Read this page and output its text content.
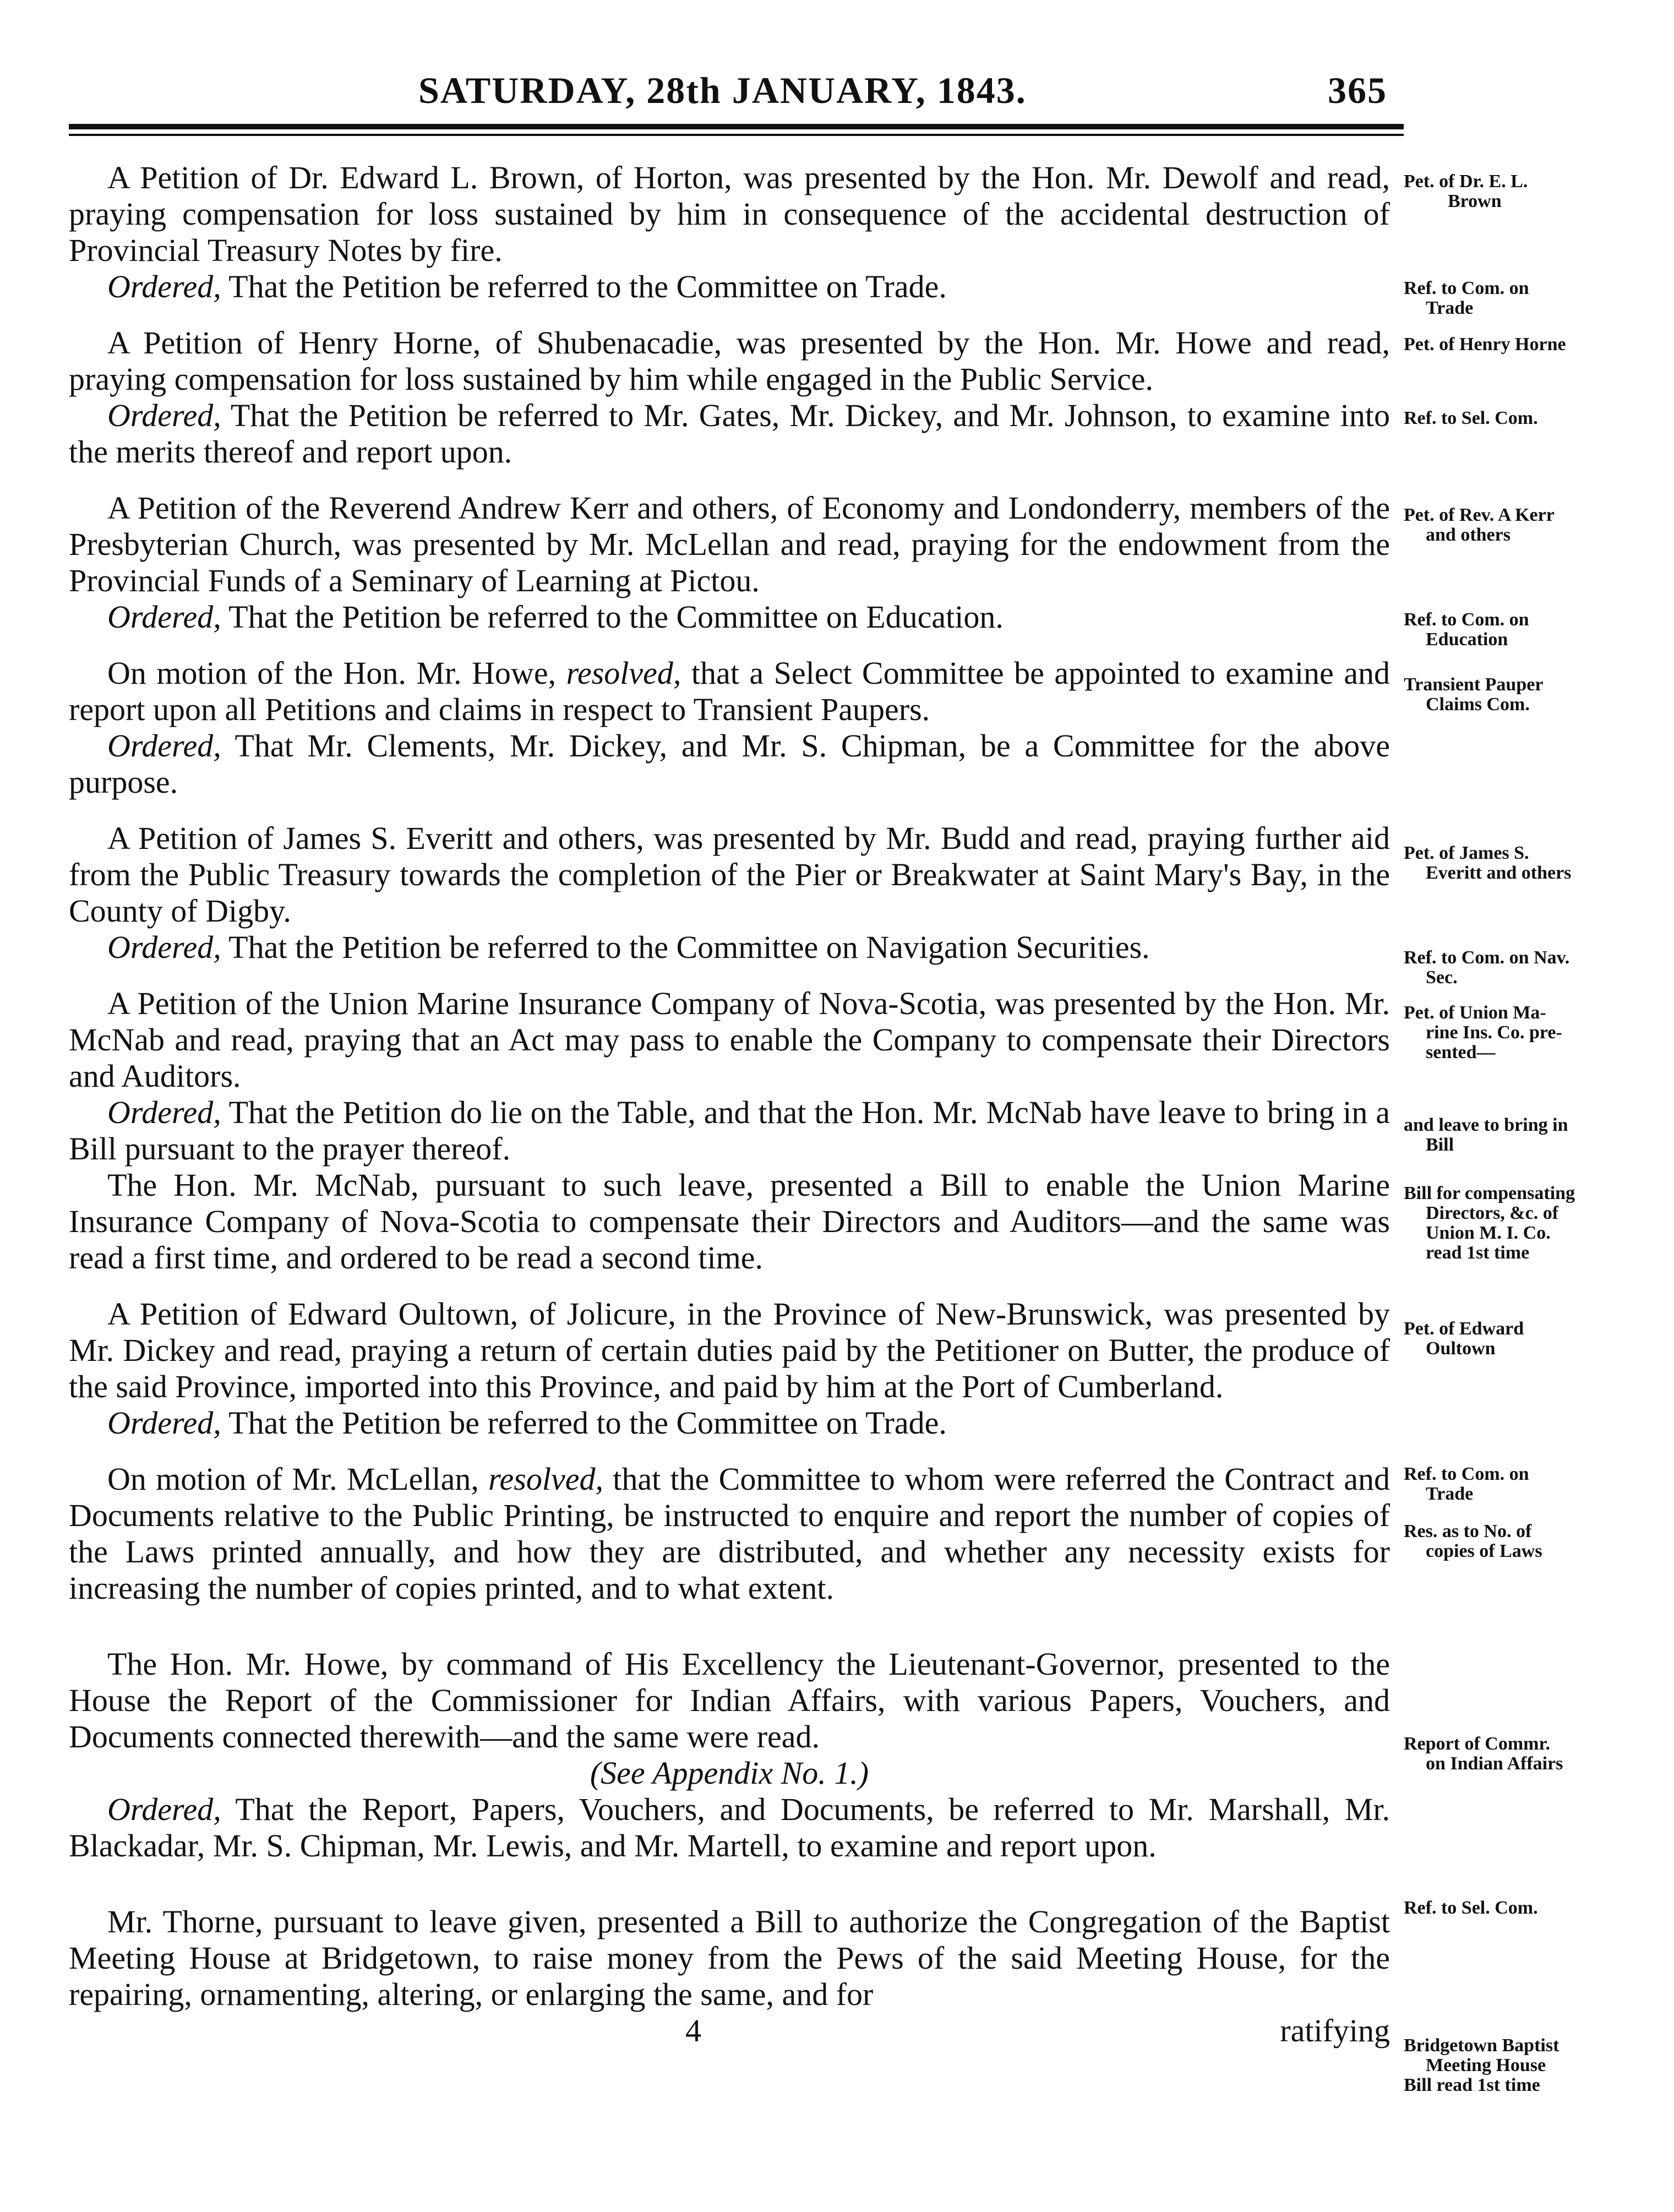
SATURDAY, 28th JANUARY, 1843.	365

A Petition of Dr. Edward L. Brown, of Horton, was presented by the Hon. Mr. Dewolf and read, praying compensation for loss sustained by him in consequence of the accidental destruction of Provincial Treasury Notes by fire.

Ordered, That the Petition be referred to the Committee on Trade.

A Petition of Henry Horne, of Shubenacadie, was presented by the Hon. Mr. Howe and read, praying compensation for loss sustained by him while engaged in the Public Service.

Ordered, That the Petition be referred to Mr. Gates, Mr. Dickey, and Mr. Johnson, to examine into the merits thereof and report upon.

A Petition of the Reverend Andrew Kerr and others, of Economy and Londonderry, members of the Presbyterian Church, was presented by Mr. McLellan and read, praying for the endowment from the Provincial Funds of a Seminary of Learning at Pictou.

Ordered, That the Petition be referred to the Committee on Education.

On motion of the Hon. Mr. Howe, resolved, that a Select Committee be appointed to examine and report upon all Petitions and claims in respect to Transient Paupers.

Ordered, That Mr. Clements, Mr. Dickey, and Mr. S. Chipman, be a Committee for the above purpose.

A Petition of James S. Everitt and others, was presented by Mr. Budd and read, praying further aid from the Public Treasury towards the completion of the Pier or Breakwater at Saint Mary's Bay, in the County of Digby.

Ordered, That the Petition be referred to the Committee on Navigation Securities.

A Petition of the Union Marine Insurance Company of Nova-Scotia, was presented by the Hon. Mr. McNab and read, praying that an Act may pass to enable the Company to compensate their Directors and Auditors.

Ordered, That the Petition do lie on the Table, and that the Hon. Mr. McNab have leave to bring in a Bill pursuant to the prayer thereof.

The Hon. Mr. McNab, pursuant to such leave, presented a Bill to enable the Union Marine Insurance Company of Nova-Scotia to compensate their Directors and Auditors—and the same was read a first time, and ordered to be read a second time.

A Petition of Edward Oultown, of Jolicure, in the Province of New-Brunswick, was presented by Mr. Dickey and read, praying a return of certain duties paid by the Petitioner on Butter, the produce of the said Province, imported into this Province, and paid by him at the Port of Cumberland.

Ordered, That the Petition be referred to the Committee on Trade.

On motion of Mr. McLellan, resolved, that the Committee to whom were referred the Contract and Documents relative to the Public Printing, be instructed to enquire and report the number of copies of the Laws printed annually, and how they are distributed, and whether any necessity exists for increasing the number of copies printed, and to what extent.

The Hon. Mr. Howe, by command of His Excellency the Lieutenant-Governor, presented to the House the Report of the Commissioner for Indian Affairs, with various Papers, Vouchers, and Documents connected therewith—and the same were read.

(See Appendix No. 1.)

Ordered, That the Report, Papers, Vouchers, and Documents, be referred to Mr. Marshall, Mr. Blackadar, Mr. S. Chipman, Mr. Lewis, and Mr. Martell, to examine and report upon.

Mr. Thorne, pursuant to leave given, presented a Bill to authorize the Congregation of the Baptist Meeting House at Bridgetown, to raise money from the Pews of the said Meeting House, for the repairing, ornamenting, altering, or enlarging the same, and for

4	ratifying

Pet. of Dr. E. L.
Brown
Ref. to Com. on
Trade
Pet. of Henry Horne
Ref. to Sel. Com.
Pet. of Rev. A Kerr
and others
Ref. to Com. on
Education
Transient Pauper
Claims Com.
Pet. of James S.
Everitt and others
Ref. to Com. on Nav.
Sec.
Pet. of Union Ma-
rine Ins. Co. pre-
sented—
and leave to bring in
Bill
Bill for compensating
Directors, &c. of
Union M. I. Co.
read 1st time
Pet. of Edward
Oultown
Ref. to Com. on
Trade
Res. as to No. of
copies of Laws
Report of Commr.
on Indian Affairs
Ref. to Sel. Com.
Bridgetown Baptist
Meeting House
Bill read 1st time
